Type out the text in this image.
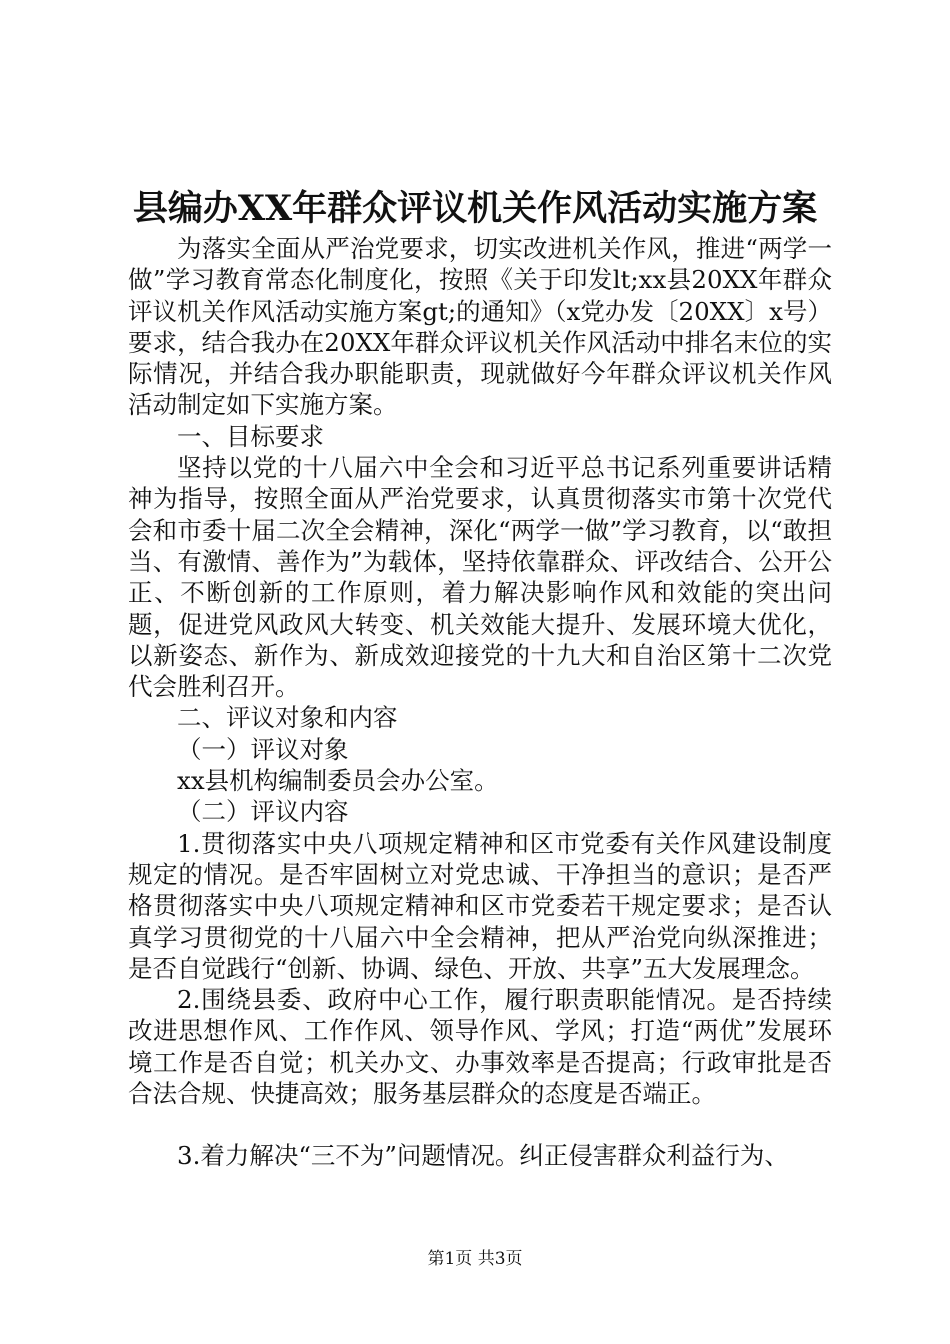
县编办XX年群众评议机关作风活动实施方案

为落实全面从严治党要求，切实改进机关作风，推进“两学一做”学习教育常态化制度化，按照《关于印发lt;xx县20XX年群众评议机关作风活动实施方案gt;的通知》（x党办发〔20XX〕x号）要求，结合我办在20XX年群众评议机关作风活动中排名末位的实际情况，并结合我办职能职责，现就做好今年群众评议机关作风活动制定如下实施方案。

一、目标要求

坚持以党的十八届六中全会和习近平总书记系列重要讲话精神为指导，按照全面从严治党要求，认真贯彻落实市第十次党代会和市委十届二次全会精神，深化“两学一做”学习教育，以“敢担当、有激情、善作为”为载体，坚持依靠群众、评改结合、公开公正、不断创新的工作原则，着力解决影响作风和效能的突出问题，促进党风政风大转变、机关效能大提升、发展环境大优化，以新姿态、新作为、新成效迎接党的十九大和自治区第十二次党代会胜利召开。

二、评议对象和内容

（一）评议对象

xx县机构编制委员会办公室。

（二）评议内容

1.贯彻落实中央八项规定精神和区市党委有关作风建设制度规定的情况。是否牢固树立对党忠诚、干净担当的意识；是否严格贯彻落实中央八项规定精神和区市党委若干规定要求；是否认真学习贯彻党的十八届六中全会精神，把从严治党向纵深推进；是否自觉践行“创新、协调、绿色、开放、共享”五大发展理念。

2.围绕县委、政府中心工作，履行职责职能情况。是否持续改进思想作风、工作作风、领导作风、学风；打造“两优”发展环境工作是否自觉；机关办文、办事效率是否提高；行政审批是否合法合规、快捷高效；服务基层群众的态度是否端正。

3.着力解决“三不为”问题情况。纠正侵害群众利益行为、

第1页 共3页
